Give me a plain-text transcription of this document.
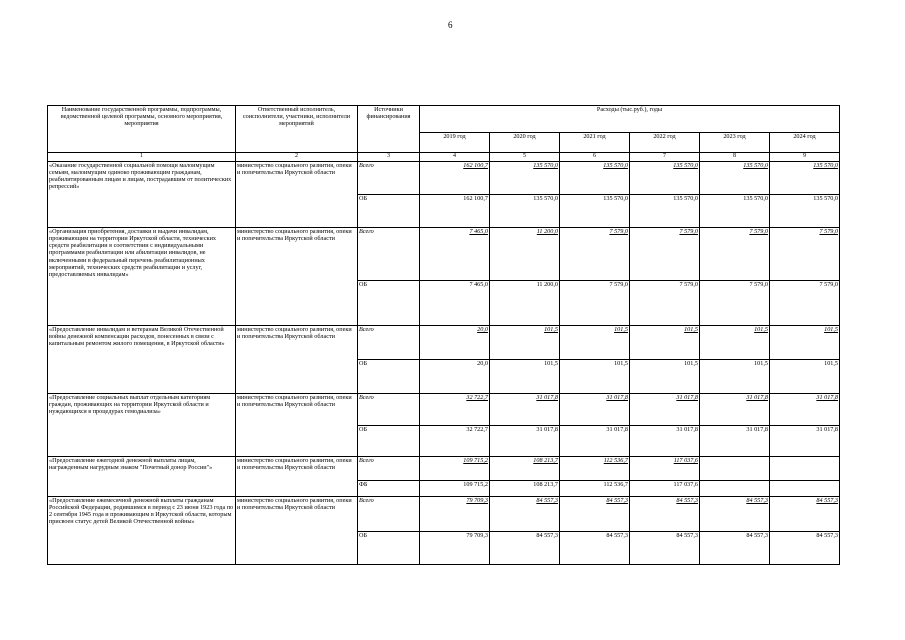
6
Наименование государственной программы, подпрограммы, ведомственной целевой программы, основного мероприятия, мероприятия	Ответственный исполнитель, соисполнители, участники, исполнители мероприятий	Источники финансирования	Расходы (тыс.руб.), годы					
			2019 год	2020 год	2021 год	2022 год	2023 год	2024 год
1	2	3	4	5	6	7	8	9
«Оказание государственной социальной помощи малоимущим семьям, малоимущим одиноко проживающим гражданам, реабилитированным лицам и лицам, пострадавшим от политических репрессий»	министерство социального развития, опеки и попечительства Иркутской области	Всего	162 100,7	135 570,0	135 570,0	135 570,0	135 570,0	135 570,0
		ОБ	162 100,7	135 570,0	135 570,0	135 570,0	135 570,0	135 570,0
«Организация приобретения, доставки и выдачи инвалидам, проживающим на территории Иркутской области, технических средств реабилитации в соответствии с индивидуальными программами реабилитации или абилитации инвалидов, не включенными в федеральный перечень реабилитационных мероприятий, технических средств реабилитации и услуг, предоставляемых инвалидам»	министерство социального развития, опеки и попечительства Иркутской области	Всего	7 465,0	11 200,0	7 579,0	7 579,0	7 579,0	7 579,0
		ОБ	7 465,0	11 200,0	7 579,0	7 579,0	7 579,0	7 579,0
«Предоставление инвалидам и ветеранам Великой Отечественной войны денежной компенсации расходов, понесенных в связи с капитальным ремонтом жилого помещения, в Иркутской области»	министерство социального развития, опеки и попечительства Иркутской области	Всего	20,0	101,5	101,5	101,5	101,5	101,5
		ОБ	20,0	101,5	101,5	101,5	101,5	101,5
«Предоставление социальных выплат отдельным категориям граждан, проживающих на территории Иркутской области и нуждающихся в процедурах гемодиализа»	министерство социального развития, опеки и попечительства Иркутской области	Всего	32 722,7	31 017,8	31 017,8	31 017,8	31 017,8	31 017,8
		ОБ	32 722,7	31 017,8	31 017,8	31 017,8	31 017,8	31 017,8
«Предоставление ежегодной денежной выплаты лицам, награжденным нагрудным знаком "Почетный донор России"»	министерство социального развития, опеки и попечительства Иркутской области	Всего	109 715,2	108 213,7	112 536,7	117 037,6		
		ФБ	109 715,2	108 213,7	112 536,7	117 037,6		
«Предоставление ежемесячной денежной выплаты гражданам Российской Федерации, родившимся в период с 23 июня 1923 года по 2 сентября 1945 года и проживающим в Иркутской области, которым присвоен статус детей Великой Отечественной войны»	министерство социального развития, опеки и попечительства Иркутской области	Всего	79 709,3	84 557,3	84 557,3	84 557,3	84 557,3	84 557,3
		ОБ	79 709,3	84 557,3	84 557,3	84 557,3	84 557,3	84 557,3
